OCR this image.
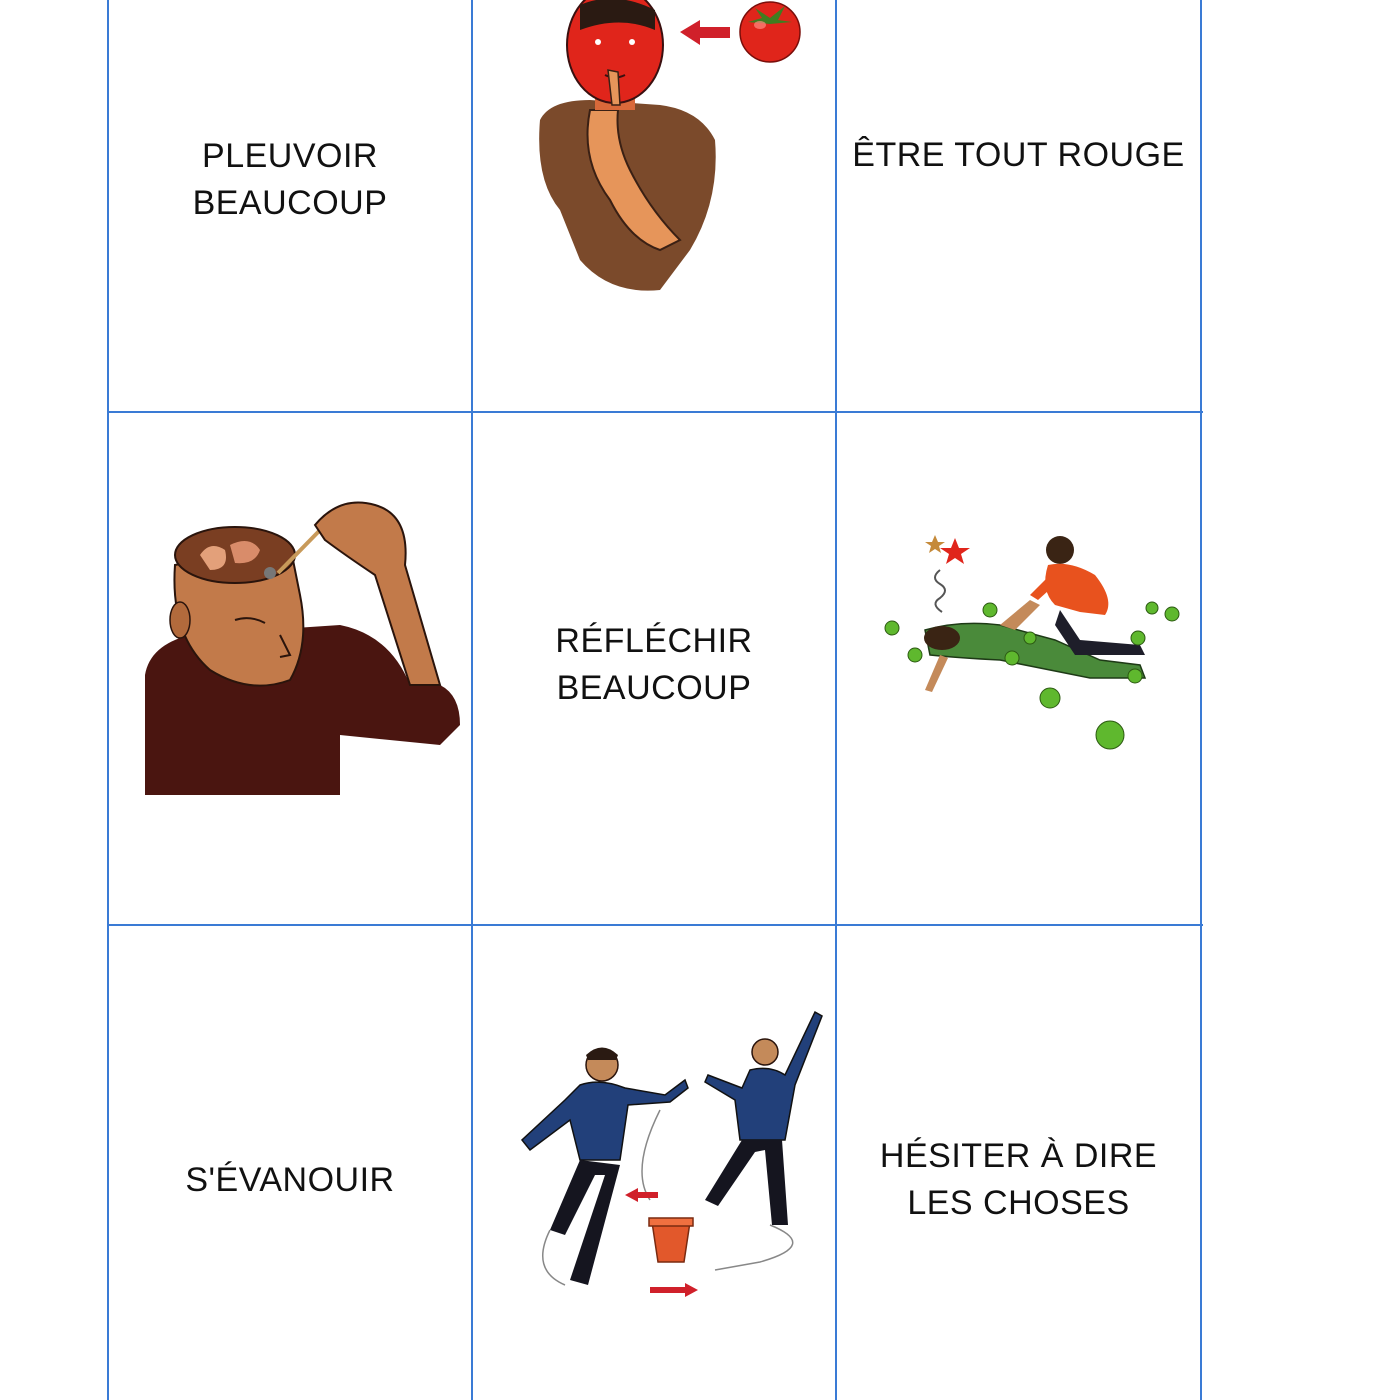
PLEUVOIR
BEAUCOUP
ÊTRE TOUT ROUGE
RÉFLÉCHIR
BEAUCOUP
S'ÉVANOUIR
HÉSITER À DIRE
LES CHOSES
